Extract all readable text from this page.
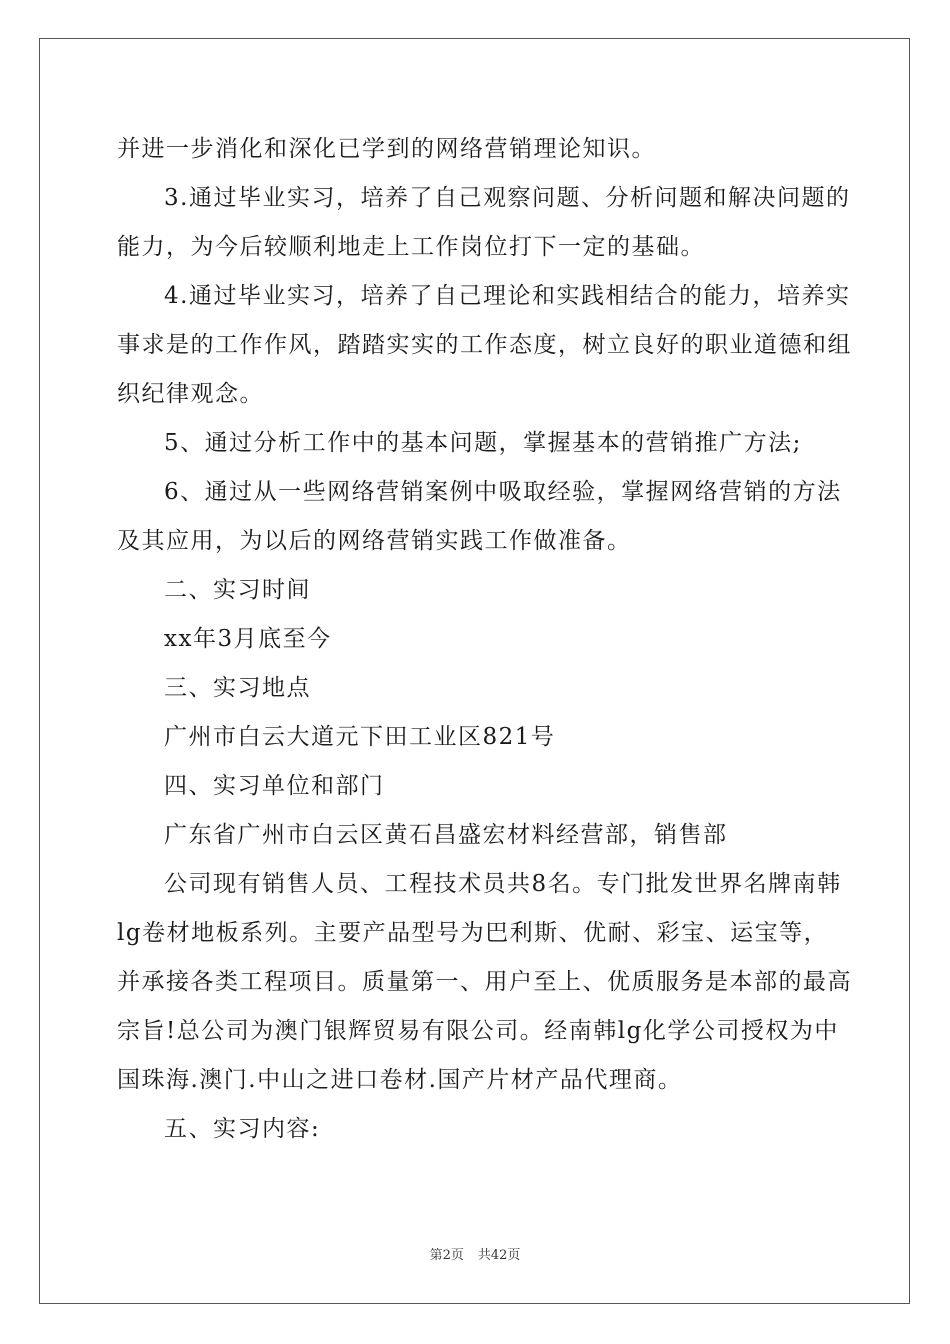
并进一步消化和深化已学到的网络营销理论知识。
3.通过毕业实习，培养了自己观察问题、分析问题和解决问题的
能力，为今后较顺利地走上工作岗位打下一定的基础。
4.通过毕业实习，培养了自己理论和实践相结合的能力，培养实
事求是的工作作风，踏踏实实的工作态度，树立良好的职业道德和组
织纪律观念。
5、通过分析工作中的基本问题，掌握基本的营销推广方法;
6、通过从一些网络营销案例中吸取经验，掌握网络营销的方法
及其应用，为以后的网络营销实践工作做准备。
二、实习时间
xx年3月底至今
三、实习地点
广州市白云大道元下田工业区821号
四、实习单位和部门
广东省广州市白云区黄石昌盛宏材料经营部，销售部
公司现有销售人员、工程技术员共8名。专门批发世界名牌南韩
lg卷材地板系列。主要产品型号为巴利斯、优耐、彩宝、运宝等，
并承接各类工程项目。质量第一、用户至上、优质服务是本部的最高
宗旨!总公司为澳门银辉贸易有限公司。经南韩lg化学公司授权为中
国珠海.澳门.中山之进口卷材.国产片材产品代理商。
五、实习内容:
第2页 共42页
